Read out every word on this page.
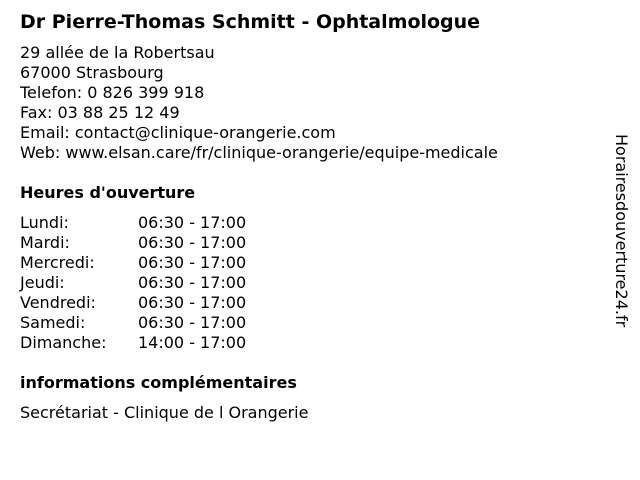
Dr Pierre-Thomas Schmitt - Ophtalmologue
29 allée de la Robertsau
67000 Strasbourg
Telefon: 0 826 399 918
Fax: 03 88 25 12 49
Email: contact@clinique-orangerie.com
Web: www.elsan.care/fr/clinique-orangerie/equipe-medicale
Heures d'ouverture
Lundi:	06:30 - 17:00
Mardi:	06:30 - 17:00
Mercredi:	06:30 - 17:00
Jeudi:	06:30 - 17:00
Vendredi:	06:30 - 17:00
Samedi:	06:30 - 17:00
Dimanche: 14:00 - 17:00
informations complémentaires
Secrétariat - Clinique de l Orangerie
Horairesdouverture24.fr
